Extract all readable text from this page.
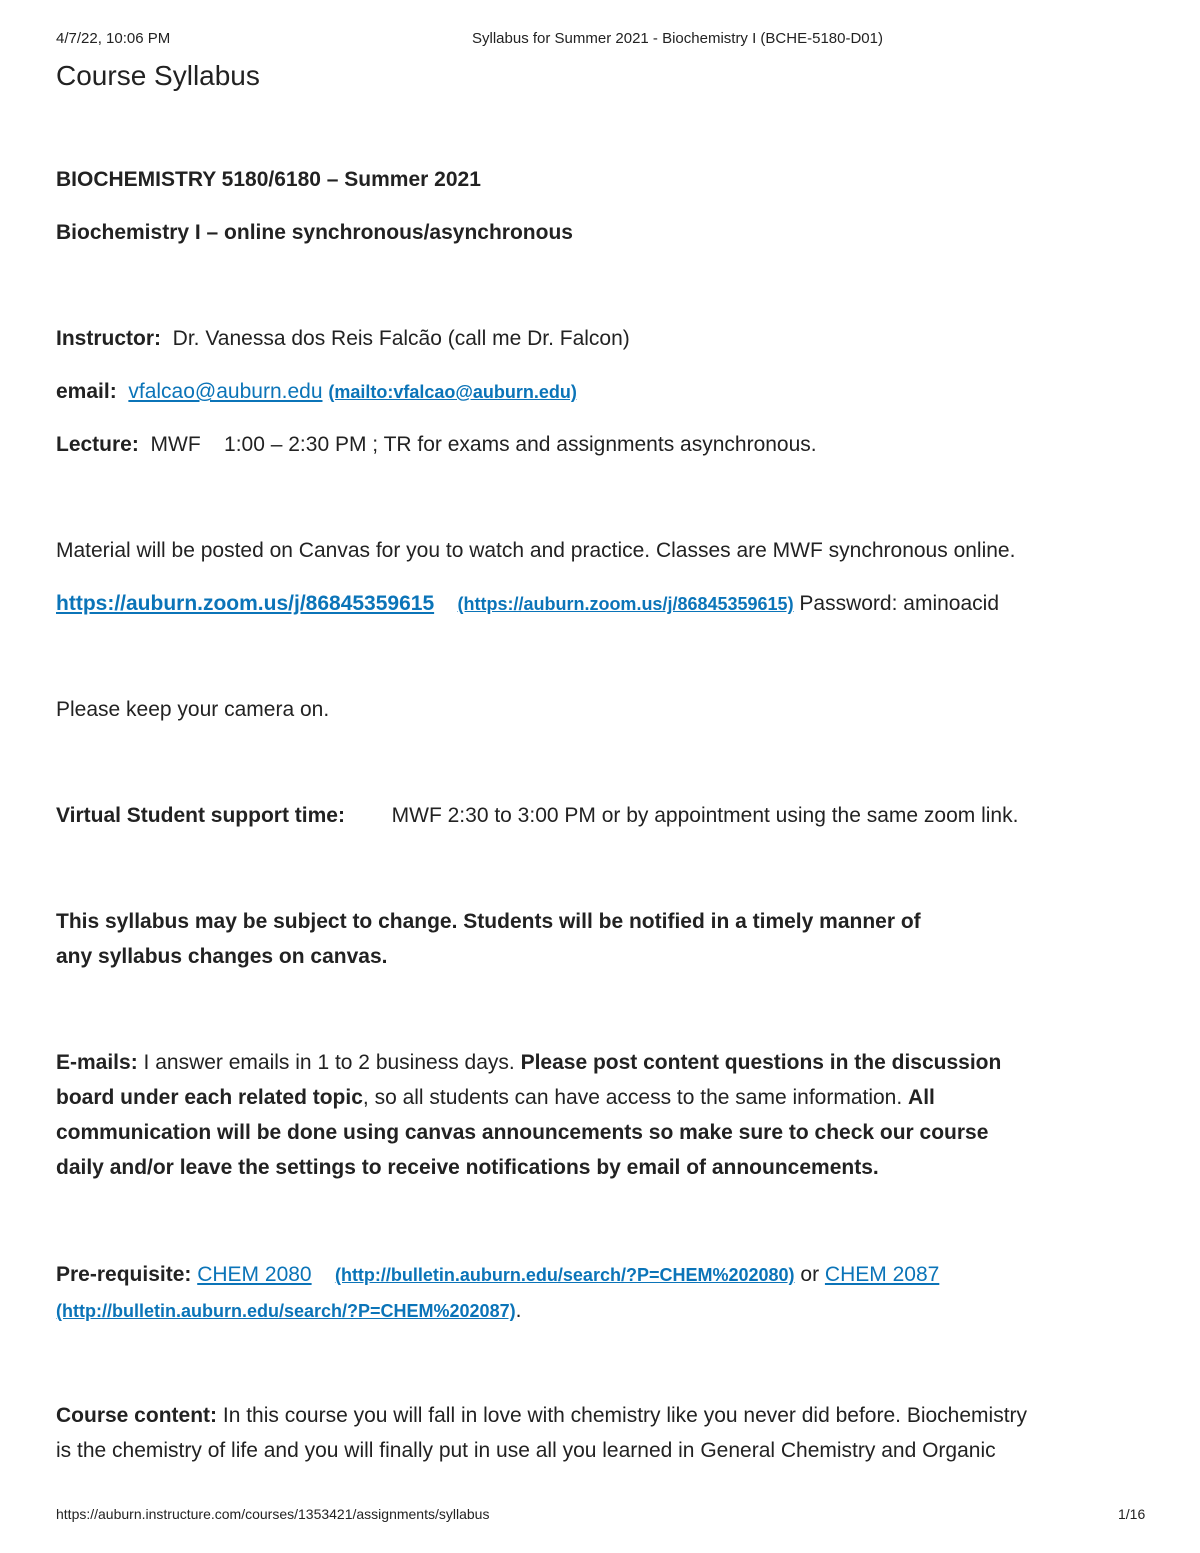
4/7/22, 10:06 PM	Syllabus for Summer 2021 - Biochemistry I (BCHE-5180-D01)
Course Syllabus
BIOCHEMISTRY 5180/6180 – Summer 2021
Biochemistry I – online synchronous/asynchronous
Instructor: Dr. Vanessa dos Reis Falcão (call me Dr. Falcon)
email: vfalcao@auburn.edu (mailto:vfalcao@auburn.edu)
Lecture: MWF 1:00 – 2:30 PM ; TR for exams and assignments asynchronous.
Material will be posted on Canvas for you to watch and practice. Classes are MWF synchronous online.
https://auburn.zoom.us/j/86845359615 (https://auburn.zoom.us/j/86845359615) Password: aminoacid
Please keep your camera on.
Virtual Student support time: MWF 2:30 to 3:00 PM or by appointment using the same zoom link.
This syllabus may be subject to change. Students will be notified in a timely manner of
any syllabus changes on canvas.
E-mails: I answer emails in 1 to 2 business days. Please post content questions in the discussion
board under each related topic, so all students can have access to the same information. All
communication will be done using canvas announcements so make sure to check our course
daily and/or leave the settings to receive notifications by email of announcements.
Pre-requisite: CHEM 2080 (http://bulletin.auburn.edu/search/?P=CHEM%202080) or CHEM 2087
(http://bulletin.auburn.edu/search/?P=CHEM%202087).
Course content: In this course you will fall in love with chemistry like you never did before. Biochemistry
is the chemistry of life and you will finally put in use all you learned in General Chemistry and Organic
https://auburn.instructure.com/courses/1353421/assignments/syllabus	1/16
